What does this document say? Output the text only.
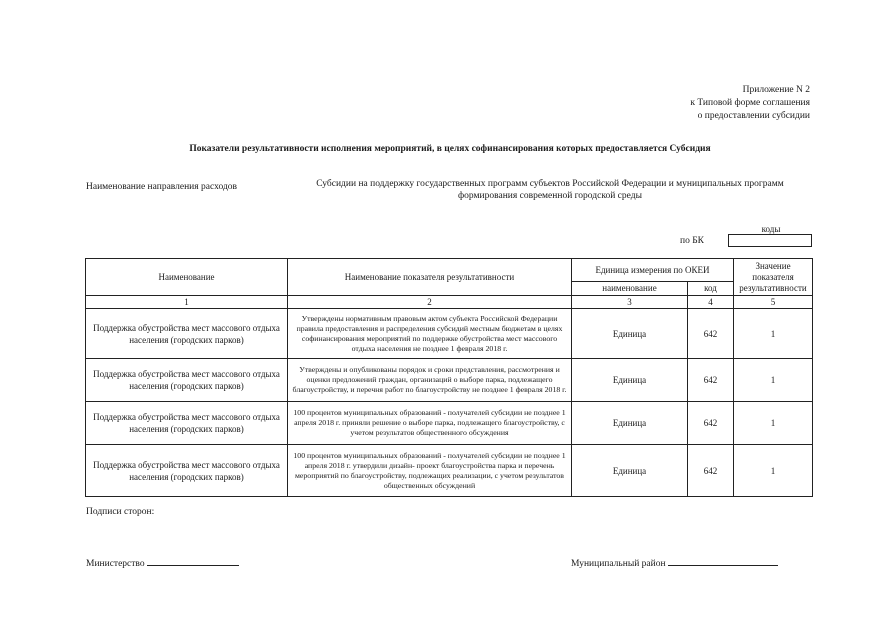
Приложение N 2
к Типовой форме соглашения
о предоставлении субсидии
Показатели результативности исполнения мероприятий, в целях софинансирования которых предоставляется Субсидия
Наименование направления расходов	Субсидии на поддержку государственных программ субъектов Российской Федерации и муниципальных программ формирования современной городской среды
коды
по БК
Наименование	Наименование показателя результативности	Единица измерения по ОКЕИ		Значение показателя результативности
		наименование	код	
1	2	3	4	5
Поддержка обустройства мест массового отдыха населения (городских парков)	Утверждены нормативным правовым актом субъекта Российской Федерации правила предоставления и распределения субсидий местным бюджетам в целях софинансирования мероприятий по поддержке обустройства мест массового отдыха населения не позднее 1 февраля 2018 г.	Единица	642	1
Поддержка обустройства мест массового отдыха населения (городских парков)	Утверждены и опубликованы порядок и сроки представления, рассмотрения и оценки предложений граждан, организаций о выборе парка, подлежащего благоустройству, и перечня работ по благоустройству не позднее 1 февраля 2018 г.	Единица	642	1
Поддержка обустройства мест массового отдыха населения (городских парков)	100 процентов муниципальных образований - получателей субсидии не позднее 1 апреля 2018 г. приняли решение о выборе парка, подлежащего благоустройству, с учетом результатов общественного обсуждения	Единица	642	1
Поддержка обустройства мест массового отдыха населения (городских парков)	100 процентов муниципальных образований - получателей субсидии не позднее 1 апреля 2018 г. утвердили дизайн- проект благоустройства парка и перечень мероприятий по благоустройству, подлежащих реализации, с учетом результатов общественных обсуждений	Единица	642	1
Подписи сторон:
Министерство	Муниципальный район
